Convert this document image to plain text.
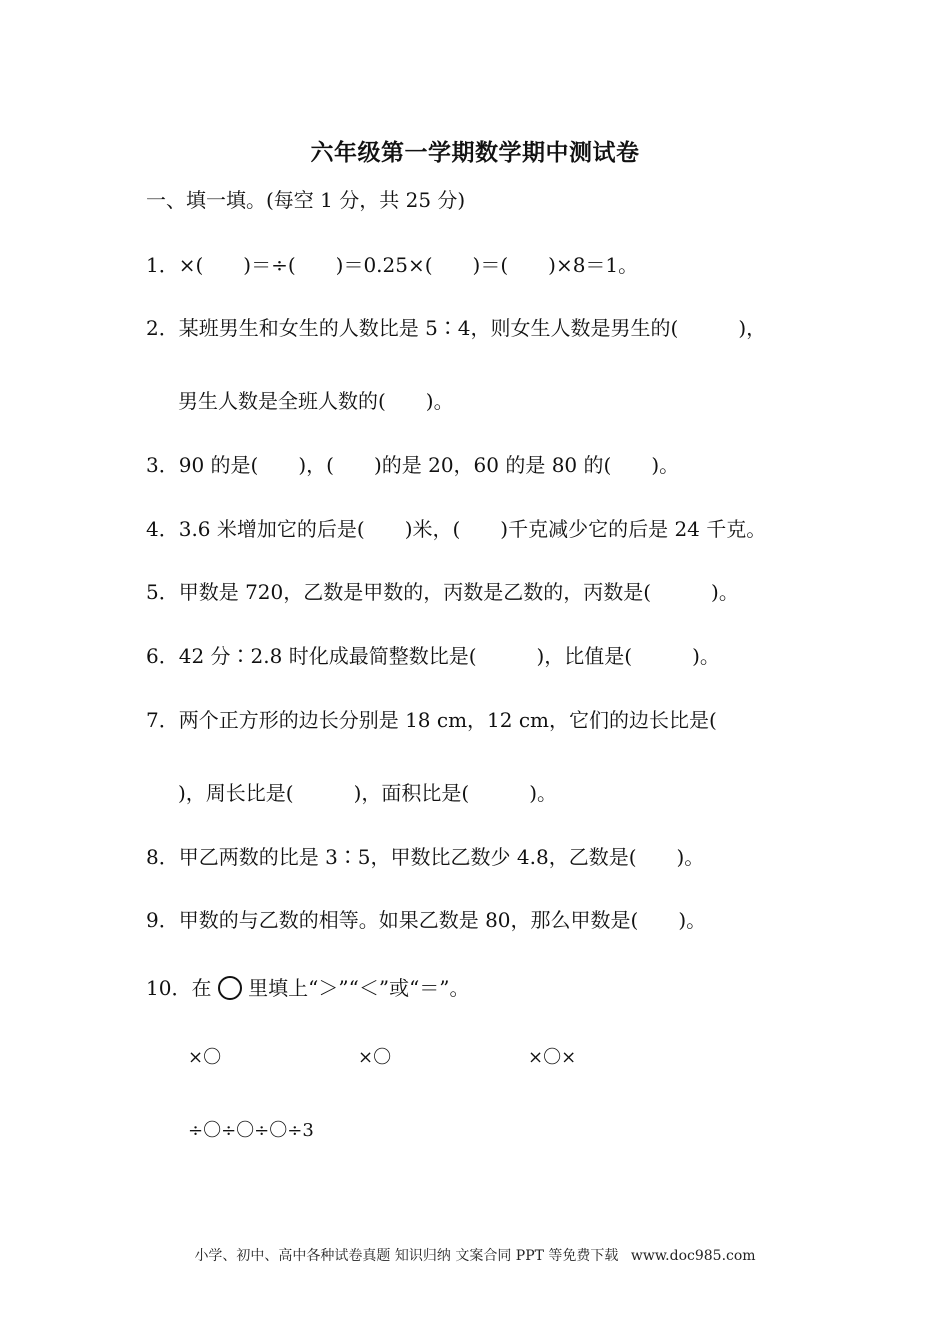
六年级第一学期数学期中测试卷
一、填一填。(每空 1 分，共 25 分)
1．×(　　)＝÷(　　)＝0.25×(　　)＝(　　)×8＝1。
2．某班男生和女生的人数比是 5∶4，则女生人数是男生的(　　　)，
男生人数是全班人数的(　　)。
3．90 的是(　　)，(　　)的是 20，60 的是 80 的(　　)。
4．3.6 米增加它的后是(　　)米，(　　)千克减少它的后是 24 千克。
5．甲数是 720，乙数是甲数的，丙数是乙数的，丙数是(　　　)。
6．42 分∶2.8 时化成最简整数比是(　　　)，比值是(　　　)。
7．两个正方形的边长分别是 18 cm，12 cm，它们的边长比是(
)，周长比是(　　　)，面积比是(　　　)。
8．甲乙两数的比是 3∶5，甲数比乙数少 4.8，乙数是(　　)。
9．甲数的与乙数的相等。如果乙数是 80，那么甲数是(　　)。
10．在 里填上“＞”“＜”或“＝”。
×〇	×〇	×〇×
÷〇÷〇÷〇÷3
小学、初中、高中各种试卷真题 知识归纳 文案合同 PPT 等免费下载 www.doc985.com
